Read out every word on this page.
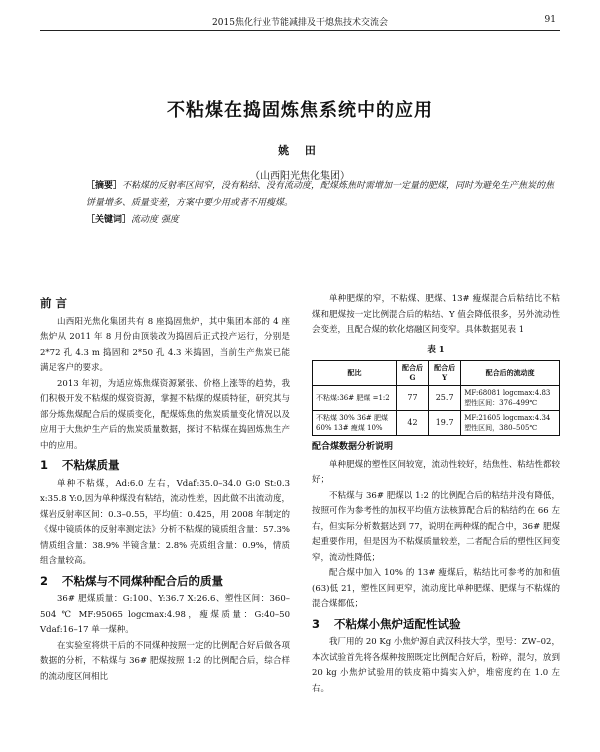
2015焦化行业节能减排及干熄焦技术交流会	91
不粘煤在捣固炼焦系统中的应用
姚 田
（山西阳光焦化集团）
［摘要］不粘煤的反射率区间窄，没有粘结、没有流动度，配煤炼焦时需增加一定量的肥煤，同时为避免生产焦炭的焦饼量增多、质量变差，方案中要少用或者不用瘦煤。
［关键词］流动度 强度
前 言

山西阳光焦化集团共有 8 座捣固焦炉，其中集团本部的 4 座焦炉从 2011 年 8 月份由顶装改为捣固后正式投产运行，分别是 2*72 孔 4.3 m 捣固和 2*50 孔 4.3 米捣固，当前生产焦炭已能满足客户的要求。

2013 年初，为适应炼焦煤资源紧张、价格上涨等的趋势，我们积极开发不粘煤的煤资资源，掌握不粘煤的煤质特征，研究其与部分炼焦煤配合后的煤质变化，配煤炼焦的焦炭质量变化情况以及应用于大焦炉生产后的焦炭质量数据，探讨不粘煤在捣固炼焦生产中的应用。

1 不粘煤质量

单种不粘煤，Ad:6.0 左右，Vdaf:35.0–34.0 G:0 St:0.3 x:35.8 Y:0,因为单种煤没有粘结，流动性差，因此做不出流动度，煤岩反射率区间：0.3–0.55，平均值：0.425，用 2008 年制定的《煤中镜质体的反射率测定法》分析不粘煤的镜质组含量：57.3% 情质组含量：38.9% 半镜含量：2.8% 壳质组含量：0.9%，情质组含量较高。

2 不粘煤与不同煤种配合后的质量

36# 肥煤质量：G:100、Y:36.7 X:26.6、塑性区间：360–504 ℃ MF:95065 logcmax:4.98，瘦煤质量：G:40–50 Vdaf:16–17 单一煤种。

在实验室将烘干后的不同煤种按照一定的比例配合好后做各项数据的分析，不粘煤与 36# 肥煤按照 1:2 的比例配合后，综合样的流动度区间相比

单种肥煤的窄，不粘煤、肥煤、13# 瘦煤混合后粘结比不粘煤和肥煤按一定比例混合后的粘结、Y 值会降低很多，另外流动性会变差，且配合煤的软化熔融区间变窄。具体数据见表 1

表 1
配比	配合后 G	配合后 Y	配合后的流动度
不粘煤:36# 肥煤 =1:2	77	25.7	MF:68081 logcmax:4.83 塑性区间：376–499℃
不粘煤 30% 36# 肥煤 60% 13# 瘦煤 10%	42	19.7	MF:21605 logcmax:4.34 塑性区间，380–505℃
配合煤数据分析说明

单种肥煤的塑性区间较宽，流动性较好，结焦性、粘结性都较好；

不粘煤与 36# 肥煤以 1:2 的比例配合后的粘结并没有降低，按照可作为参考性的加权平均值方法核算配合后的粘结约在 66 左右，但实际分析数据达到 77，说明在两种煤的配合中，36# 肥煤起重要作用，但是因为不粘煤质量较差，二者配合后的塑性区间变窄，流动性降低；

配合煤中加入 10% 的 13# 瘦煤后，粘结比可参考的加和值(63)低 21，塑性区间更窄，流动度比单种肥煤、肥煤与不粘煤的混合煤都低；

3 不粘煤小焦炉适配性试验

我厂用的 20 Kg 小焦炉源自武汉科技大学，型号：ZW–02，本次试验首先将各煤种按照既定比例配合好后，粉碎，混匀，放到 20 kg 小焦炉试验用的铁皮箱中捣实入炉，堆密度约在 1.0 左右。
